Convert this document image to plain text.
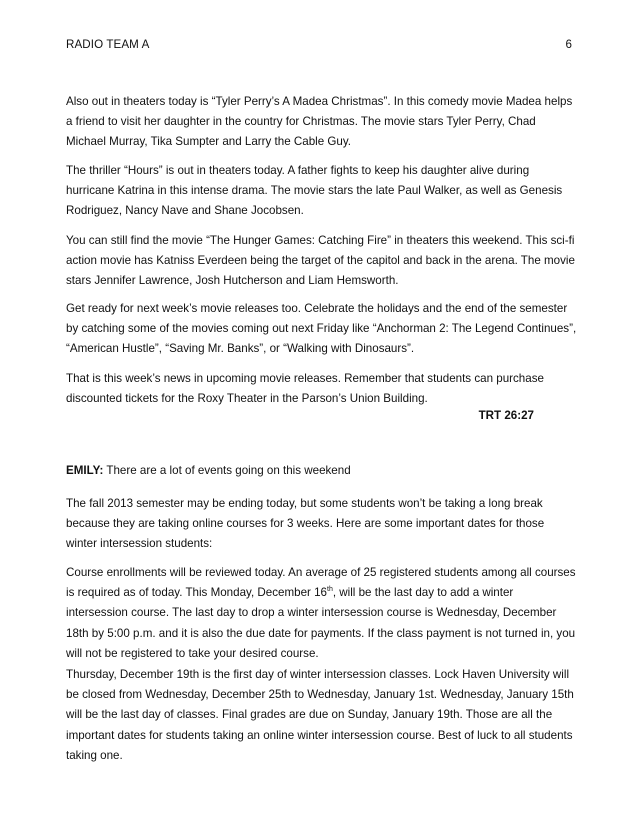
RADIO TEAM A	6
Also out in theaters today is “Tyler Perry’s A Madea Christmas”. In this comedy movie Madea helps a friend to visit her daughter in the country for Christmas. The movie stars Tyler Perry, Chad Michael Murray, Tika Sumpter and Larry the Cable Guy.
The thriller “Hours” is out in theaters today. A father fights to keep his daughter alive during hurricane Katrina in this intense drama. The movie stars the late Paul Walker, as well as Genesis Rodriguez, Nancy Nave and Shane Jocobsen.
You can still find the movie “The Hunger Games: Catching Fire” in theaters this weekend. This sci-fi action movie has Katniss Everdeen being the target of the capitol and back in the arena. The movie stars Jennifer Lawrence, Josh Hutcherson and Liam Hemsworth.
Get ready for next week’s movie releases too. Celebrate the holidays and the end of the semester by catching some of the movies coming out next Friday like “Anchorman 2: The Legend Continues”, “American Hustle”, “Saving Mr. Banks”, or “Walking with Dinosaurs”.
That is this week’s news in upcoming movie releases. Remember that students can purchase discounted tickets for the Roxy Theater in the Parson’s Union Building.
TRT 26:27
EMILY: There are a lot of events going on this weekend
The fall 2013 semester may be ending today, but some students won’t be taking a long break because they are taking online courses for 3 weeks. Here are some important dates for those winter intersession students:
Course enrollments will be reviewed today. An average of 25 registered students among all courses is required as of today. This Monday, December 16th, will be the last day to add a winter intersession course. The last day to drop a winter intersession course is Wednesday, December 18th by 5:00 p.m. and it is also the due date for payments. If the class payment is not turned in, you will not be registered to take your desired course.
Thursday, December 19th is the first day of winter intersession classes. Lock Haven University will be closed from Wednesday, December 25th to Wednesday, January 1st. Wednesday, January 15th will be the last day of classes. Final grades are due on Sunday, January 19th. Those are all the important dates for students taking an online winter intersession course. Best of luck to all students taking one.
